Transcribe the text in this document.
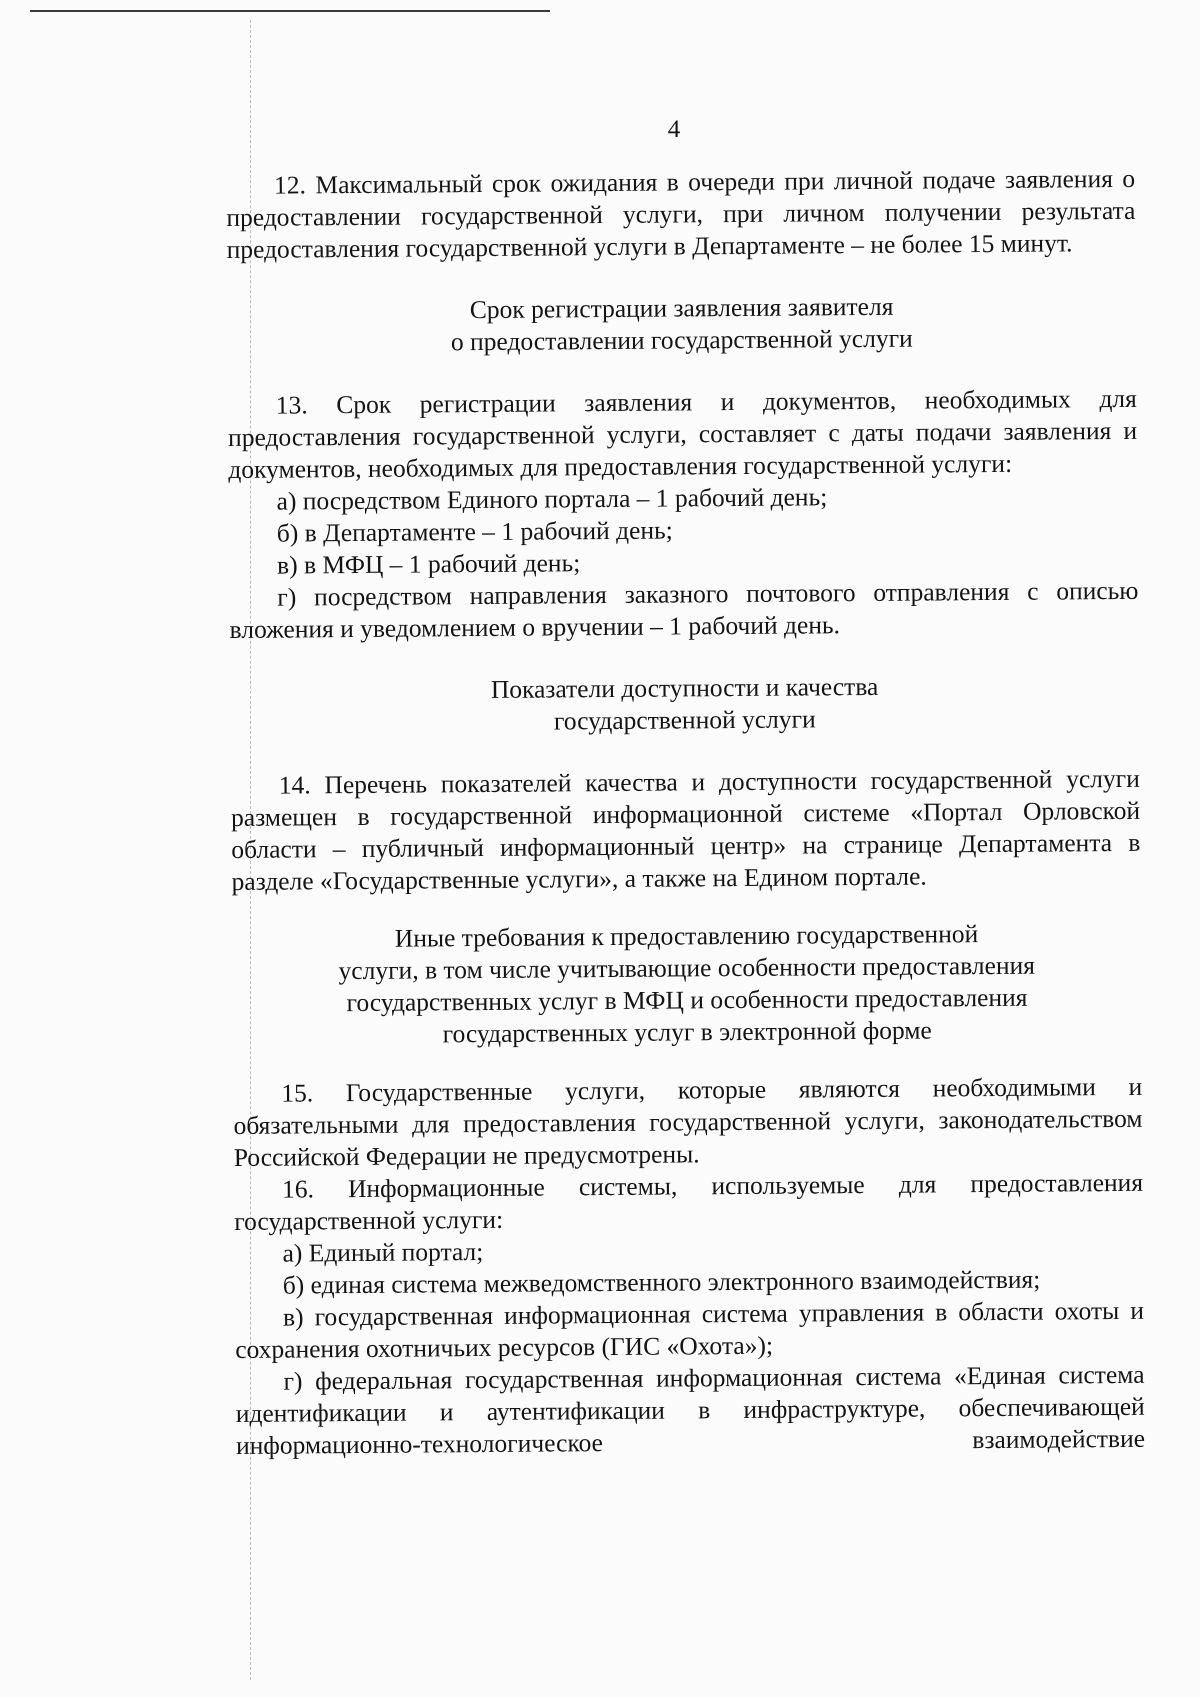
4

12. Максимальный срок ожидания в очереди при личной подаче заявления о предоставлении государственной услуги, при личном получении результата предоставления государственной услуги в Департаменте – не более 15 минут.

Срок регистрации заявления заявителя

о предоставлении государственной услуги

13. Срок регистрации заявления и документов, необходимых для предоставления государственной услуги, составляет с даты подачи заявления и документов, необходимых для предоставления государственной услуги:

а) посредством Единого портала – 1 рабочий день;

б) в Департаменте – 1 рабочий день;

в) в МФЦ – 1 рабочий день;

г) посредством направления заказного почтового отправления с описью вложения и уведомлением о вручении – 1 рабочий день.

Показатели доступности и качества

государственной услуги

14. Перечень показателей качества и доступности государственной услуги размещен в государственной информационной системе «Портал Орловской области – публичный информационный центр» на странице Департамента в разделе «Государственные услуги», а также на Едином портале.

Иные требования к предоставлению государственной

услуги, в том числе учитывающие особенности предоставления

государственных услуг в МФЦ и особенности предоставления

государственных услуг в электронной форме

15. Государственные услуги, которые являются необходимыми и обязательными для предоставления государственной услуги, законодательством Российской Федерации не предусмотрены.

16. Информационные системы, используемые для предоставления государственной услуги:

а) Единый портал;

б) единая система межведомственного электронного взаимодействия;

в) государственная информационная система управления в области охоты и сохранения охотничьих ресурсов (ГИС «Охота»);

г) федеральная государственная информационная система «Единая система идентификации и аутентификации в инфраструктуре, обеспечивающей информационно-технологическое взаимодействие
